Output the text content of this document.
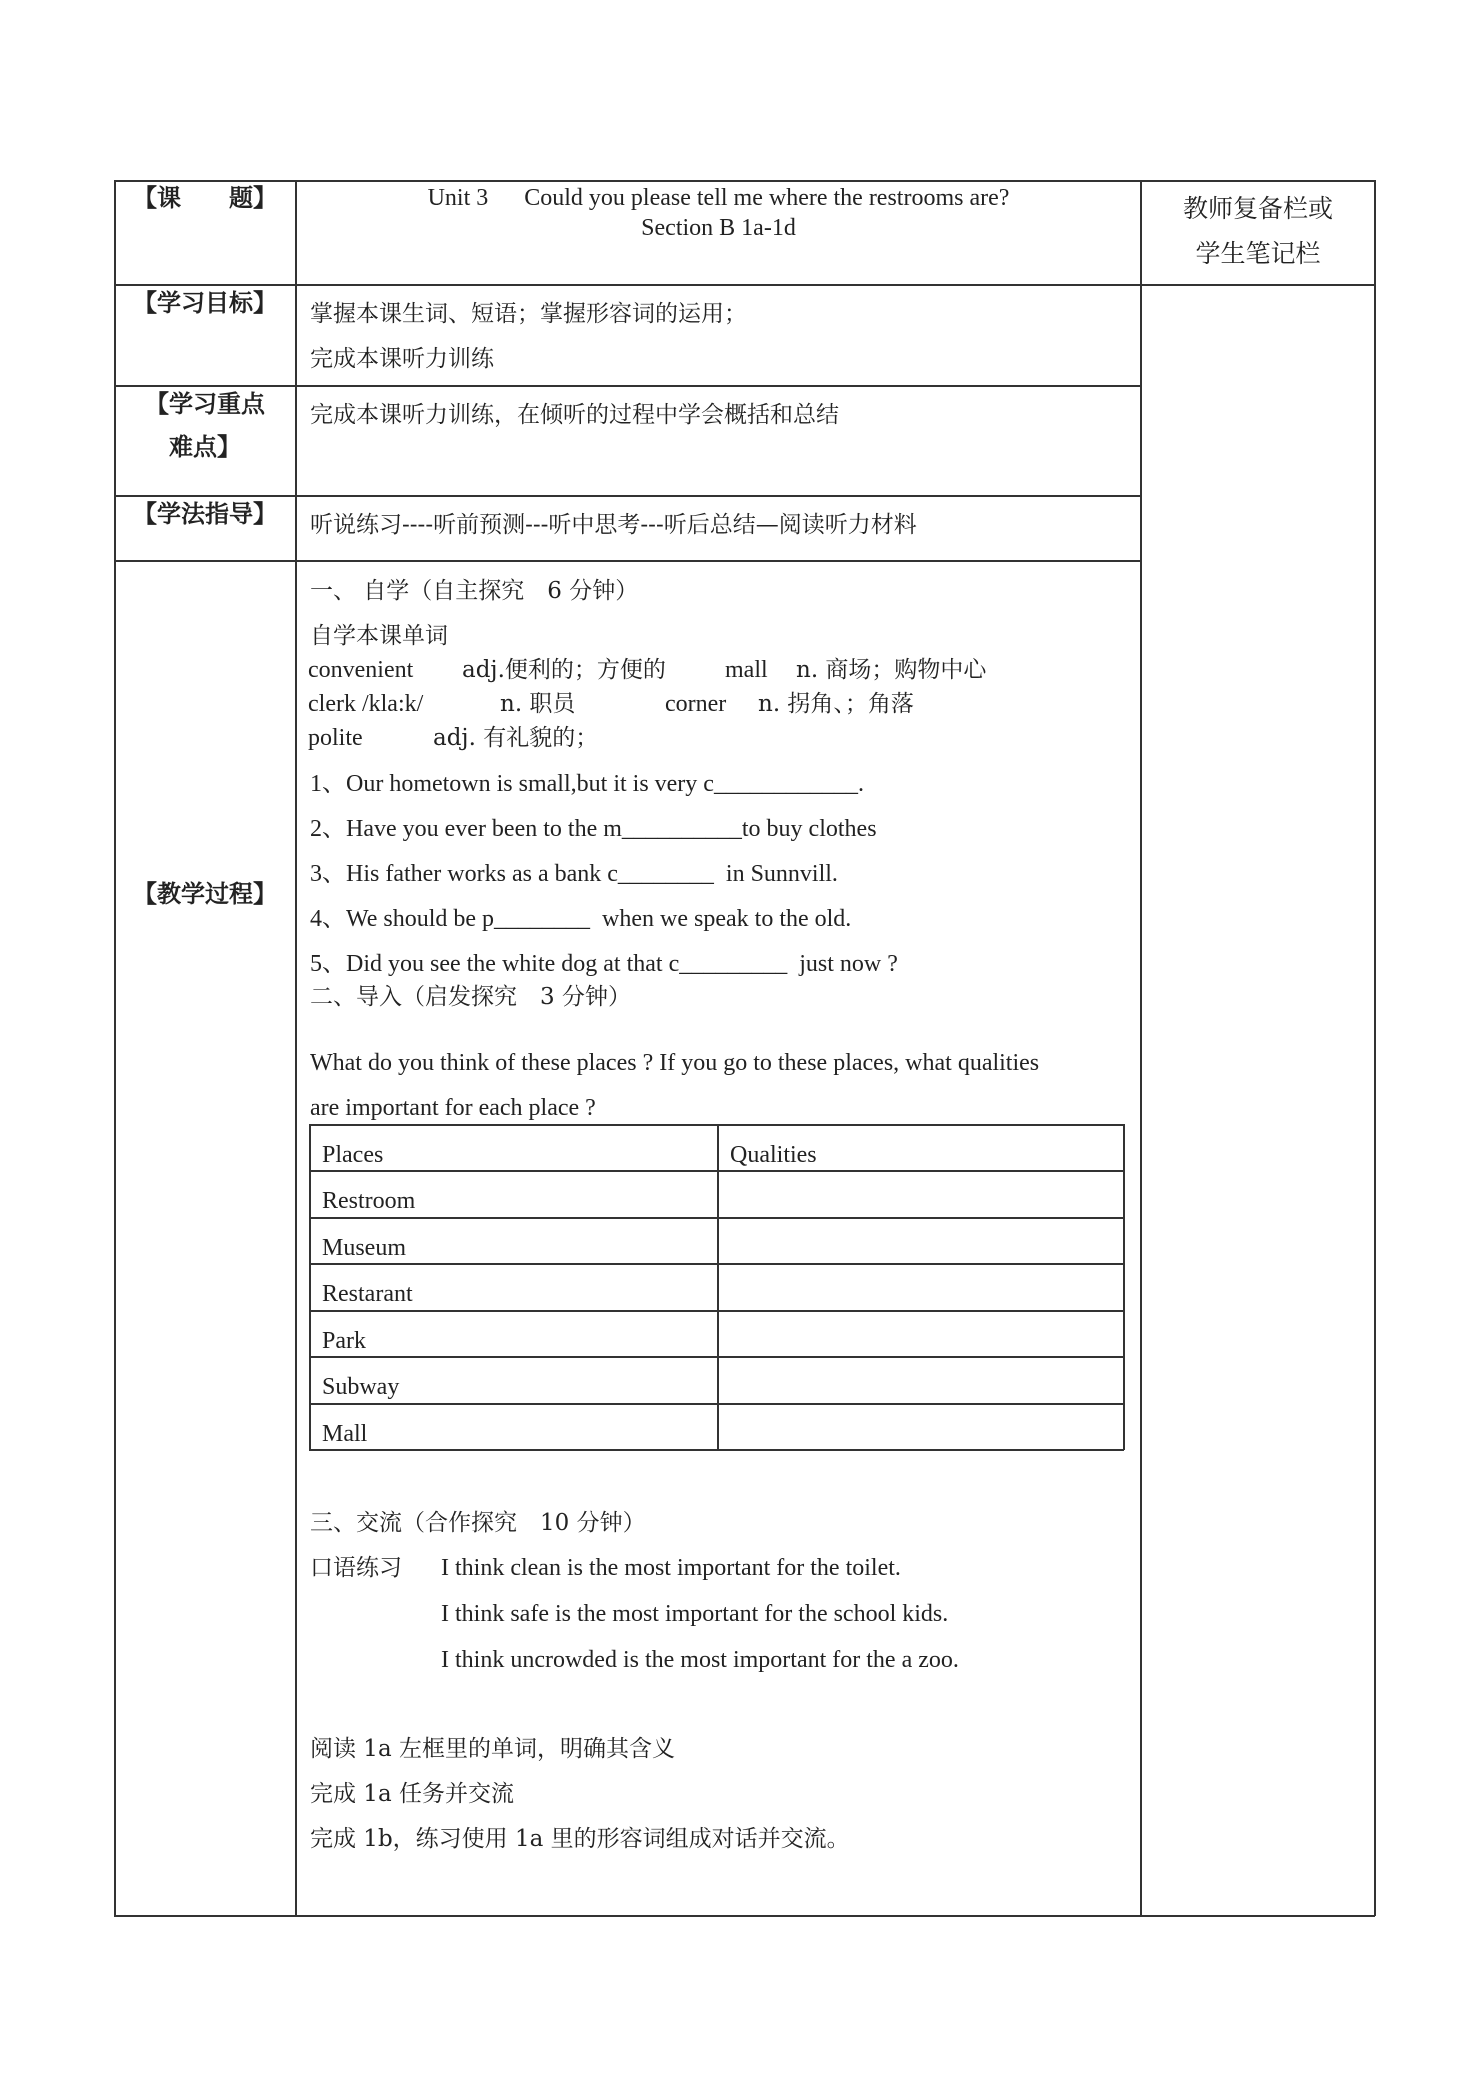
【课　　题】	Unit 3      Could you please tell me where the restrooms are?
Section B 1a-1d
教师复备栏或
学生笔记栏
【学习目标】	掌握本课生词、短语；掌握形容词的运用；
完成本课听力训练
【学习重点
难点】
完成本课听力训练，在倾听的过程中学会概括和总结
【学法指导】	听说练习----听前预测---听中思考---听后总结—阅读听力材料
【教学过程】
一、 自学（自主探究　6 分钟）
自学本课单词
convenient adj.便利的；方便的 mall n. 商场；购物中心
clerk /kla:k/	n. 职员	corner n. 拐角、；角落
polite	adj. 有礼貌的；
1、Our hometown is small,but it is very c____________.
2、Have you ever been to the m__________to buy clothes
3、His father works as a bank c________  in Sunnvill.
4、We should be p________  when we speak to the old.
5、Did you see the white dog at that c_________  just now ?
二、导入（启发探究　3 分钟）
What do you think of these places ? If you go to these places, what qualities
are important for each place ?
Places	Qualities
Restroom
Museum
Restarant
Park
Subway
Mall
三、交流（合作探究　10 分钟）
口语练习 I think clean is the most important for the toilet.
I think safe is the most important for the school kids.
I think uncrowded is the most important for the a zoo.
阅读 1a 左框里的单词，明确其含义
完成 1a 任务并交流
完成 1b，练习使用 1a 里的形容词组成对话并交流。
